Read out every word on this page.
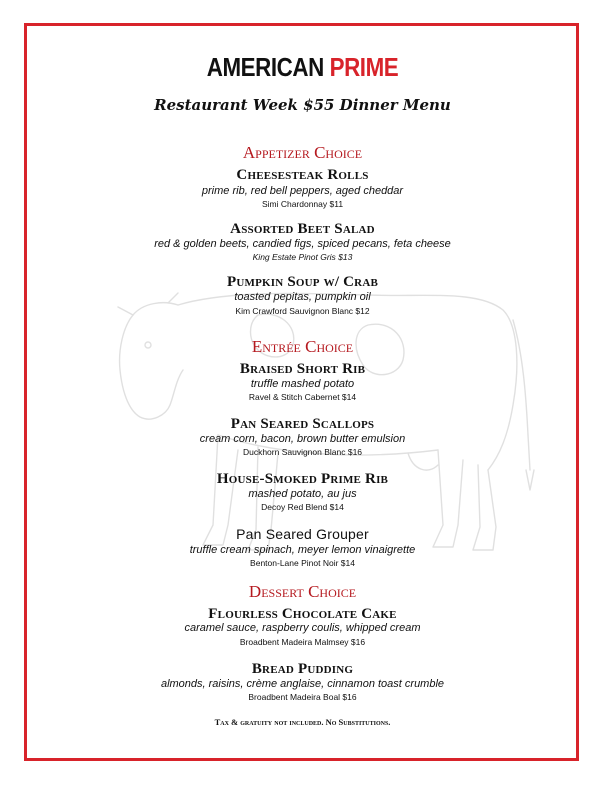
AMERICAN PRIME
Restaurant Week $55 Dinner Menu
Appetizer Choice
Cheesesteak Rolls
prime rib, red bell peppers, aged cheddar
Simi Chardonnay $11
Assorted Beet Salad
red & golden beets, candied figs, spiced pecans, feta cheese
King Estate Pinot Gris $13
Pumpkin Soup w/ Crab
toasted pepitas, pumpkin oil
Kim Crawford Sauvignon Blanc $12
Entrée Choice
Braised Short Rib
truffle mashed potato
Ravel & Stitch Cabernet $14
Pan Seared Scallops
cream corn, bacon, brown butter emulsion
Duckhorn Sauvignon Blanc $16
House-Smoked Prime Rib
mashed potato, au jus
Decoy Red Blend $14
Pan Seared Grouper
truffle cream spinach, meyer lemon vinaigrette
Benton-Lane Pinot Noir $14
Dessert Choice
Flourless Chocolate Cake
caramel sauce, raspberry coulis, whipped cream
Broadbent Madeira Malmsey $16
Bread Pudding
almonds, raisins, crème anglaise, cinnamon toast crumble
Broadbent Madeira Boal $16
Tax & gratuity not included. No Substitutions.
